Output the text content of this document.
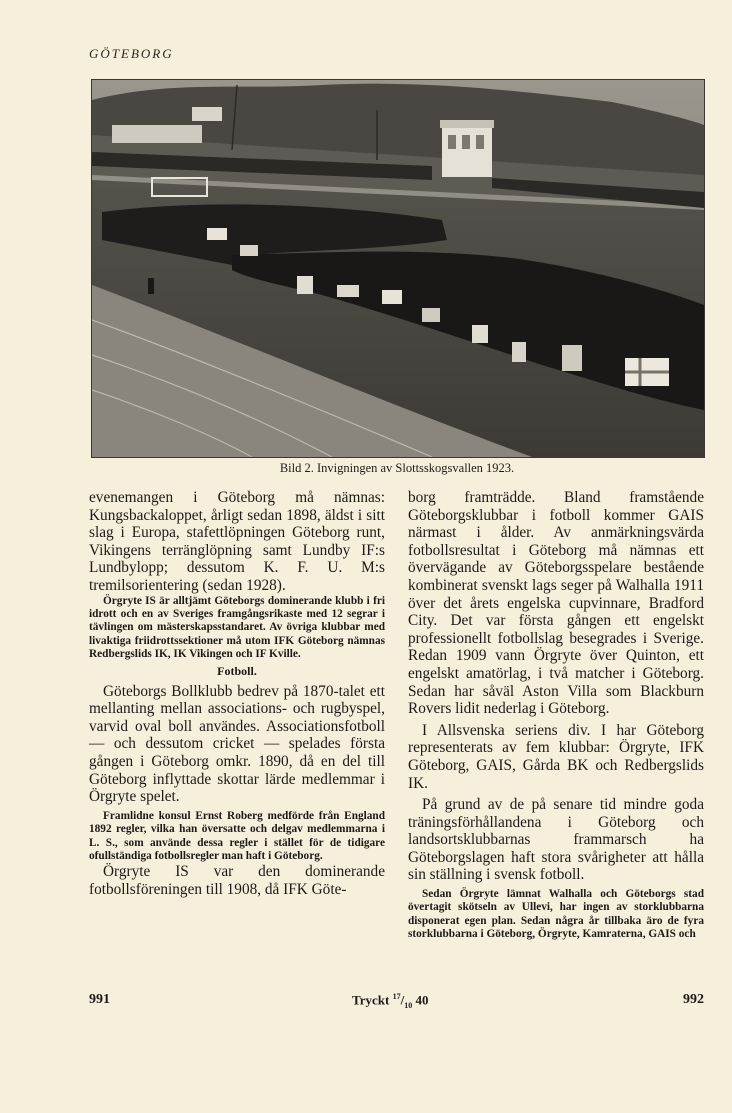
GÖTEBORG
Bild 2. Invigningen av Slottsskogsvallen 1923.

evenemangen i Göteborg må nämnas: Kungsbackaloppet, årligt sedan 1898, äldst i sitt slag i Europa, stafettlöpningen Göteborg runt, Vikingens terränglöpning samt Lundby IF:s Lundbylopp; dessutom K. F. U. M:s tremilsorientering (sedan 1928).

Örgryte IS är alltjämt Göteborgs dominerande klubb i fri idrott och en av Sveriges framgångsrikaste med 12 segrar i tävlingen om mästerskapsstandaret. Av övriga klubbar med livaktiga friidrottssektioner må utom IFK Göteborg nämnas Redbergslids IK, IK Vikingen och IF Kville.

Fotboll.

Göteborgs Bollklubb bedrev på 1870-talet ett mellanting mellan associations- och rugbyspel, varvid oval boll användes. Associationsfotboll — och dessutom cricket — spelades första gången i Göteborg omkr. 1890, då en del till Göteborg inflyttade skottar lärde medlemmar i Örgryte spelet.

Framlidne konsul Ernst Roberg medförde från England 1892 regler, vilka han översatte och delgav medlemmarna i L. S., som använde dessa regler i stället för de tidigare ofullständiga fotbollsregler man haft i Göteborg.

Örgryte IS var den dominerande fotbollsföreningen till 1908, då IFK Göte-

borg framträdde. Bland framstående Göteborgsklubbar i fotboll kommer GAIS närmast i ålder. Av anmärkningsvärda fotbollsresultat i Göteborg må nämnas ett övervägande av Göteborgsspelare bestående kombinerat svenskt lags seger på Walhalla 1911 över det årets engelska cupvinnare, Bradford City. Det var första gången ett engelskt professionellt fotbollslag besegrades i Sverige. Redan 1909 vann Örgryte över Quinton, ett engelskt amatörlag, i två matcher i Göteborg. Sedan har såväl Aston Villa som Blackburn Rovers lidit nederlag i Göteborg.

I Allsvenska seriens div. I har Göteborg representerats av fem klubbar: Örgryte, IFK Göteborg, GAIS, Gårda BK och Redbergslids IK.

På grund av de på senare tid mindre goda träningsförhållandena i Göteborg och landsortsklubbarnas frammarsch ha Göteborgslagen haft stora svårigheter att hålla sin ställning i svensk fotboll.

Sedan Örgryte lämnat Walhalla och Göteborgs stad övertagit skötseln av Ullevi, har ingen av storklubbarna disponerat egen plan. Sedan några år tillbaka äro de fyra storklubbarna i Göteborg, Örgryte, Kamraterna, GAIS och

991	Tryckt $^{17}/_{10}$ 40	992
